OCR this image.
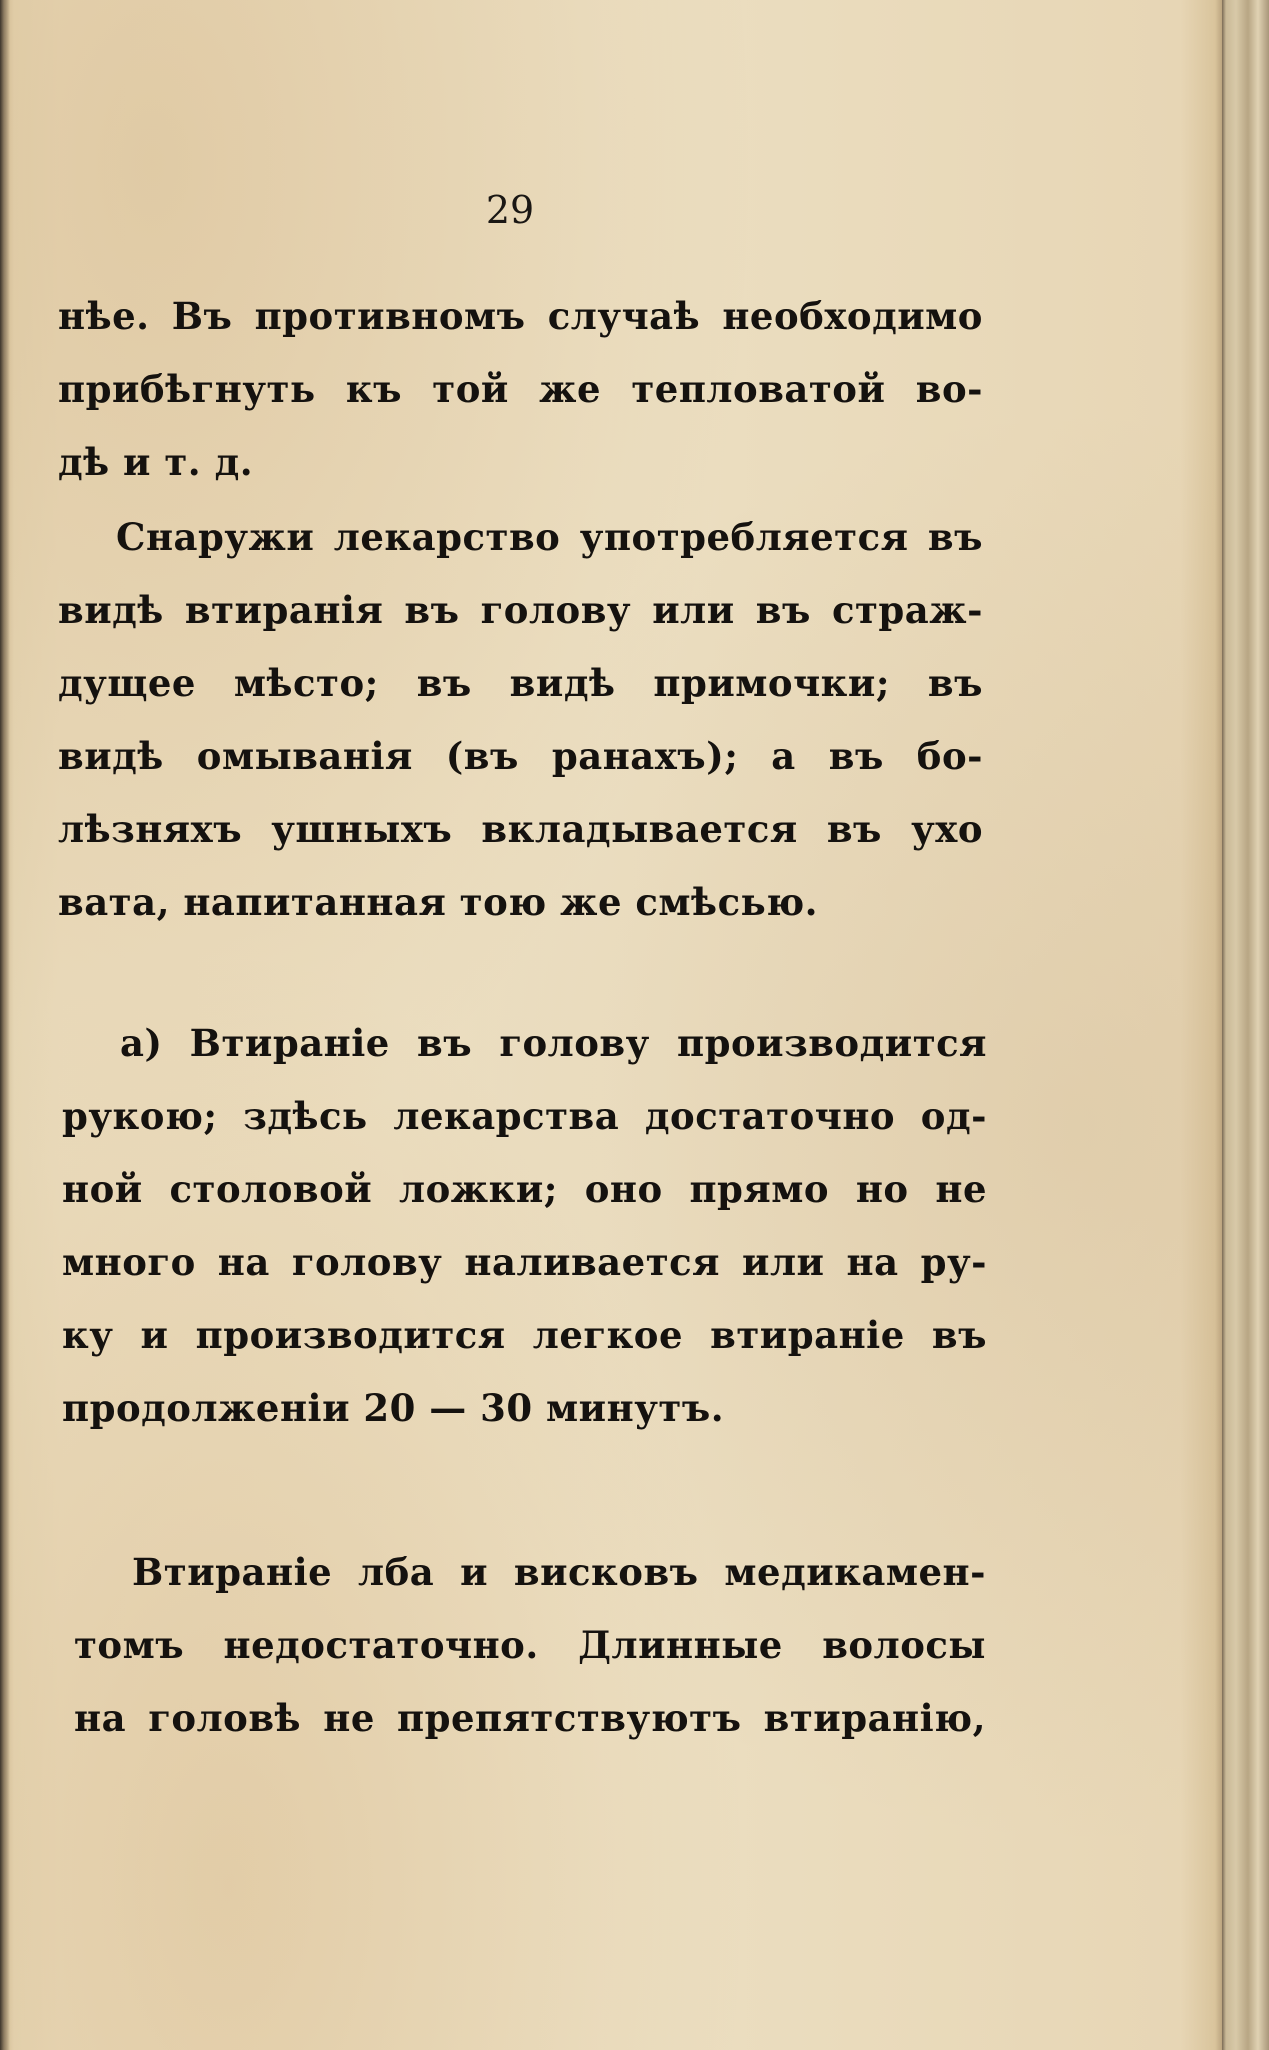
29
нѣе. Въ противномъ случаѣ необходимо
прибѣгнуть къ той же тепловатой во-
дѣ и т. д.
Снаружи лекарство употребляется въ
видѣ втиранія въ голову или въ страж-
дущее мѣсто; въ видѣ примочки; въ
видѣ омыванія (въ ранахъ); а въ бо-
лѣзняхъ ушныхъ вкладывается въ ухо
вата, напитанная тою же смѣсью.
а) Втираніе въ голову производится
рукою; здѣсь лекарства достаточно од-
ной столовой ложки; оно прямо но не
много на голову наливается или на ру-
ку и производится легкое втираніе въ
продолженіи 20 — 30 минутъ.
Втираніе лба и висковъ медикамен-
томъ недостаточно. Длинные волосы
на головѣ не препятствуютъ втиранію,
